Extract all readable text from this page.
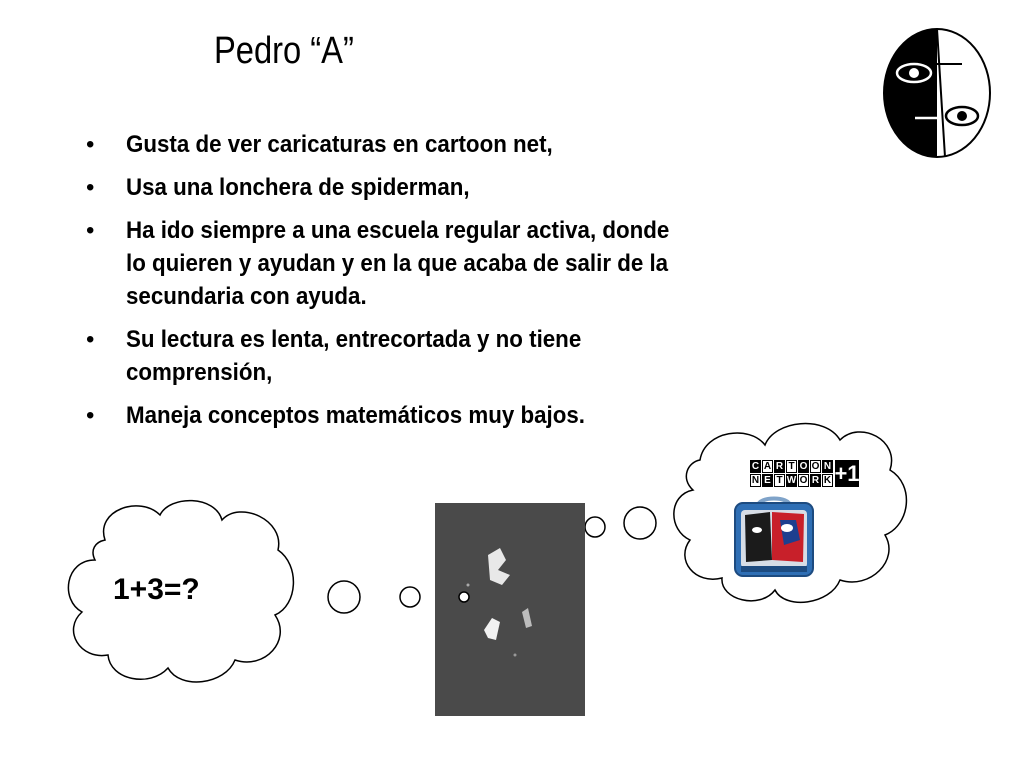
Pedro “A”
• Gusta de ver caricaturas en cartoon net,
• Usa una lonchera de spiderman,
• Ha ido siempre a una escuela regular activa, donde lo quieren y ayudan y en la que acaba de salir de la secundaria con ayuda.
• Su lectura es lenta, entrecortada y no tiene comprensión,
• Maneja conceptos matemáticos muy bajos.
1+3=?
C A R T O O N
N E T W O R K +1
